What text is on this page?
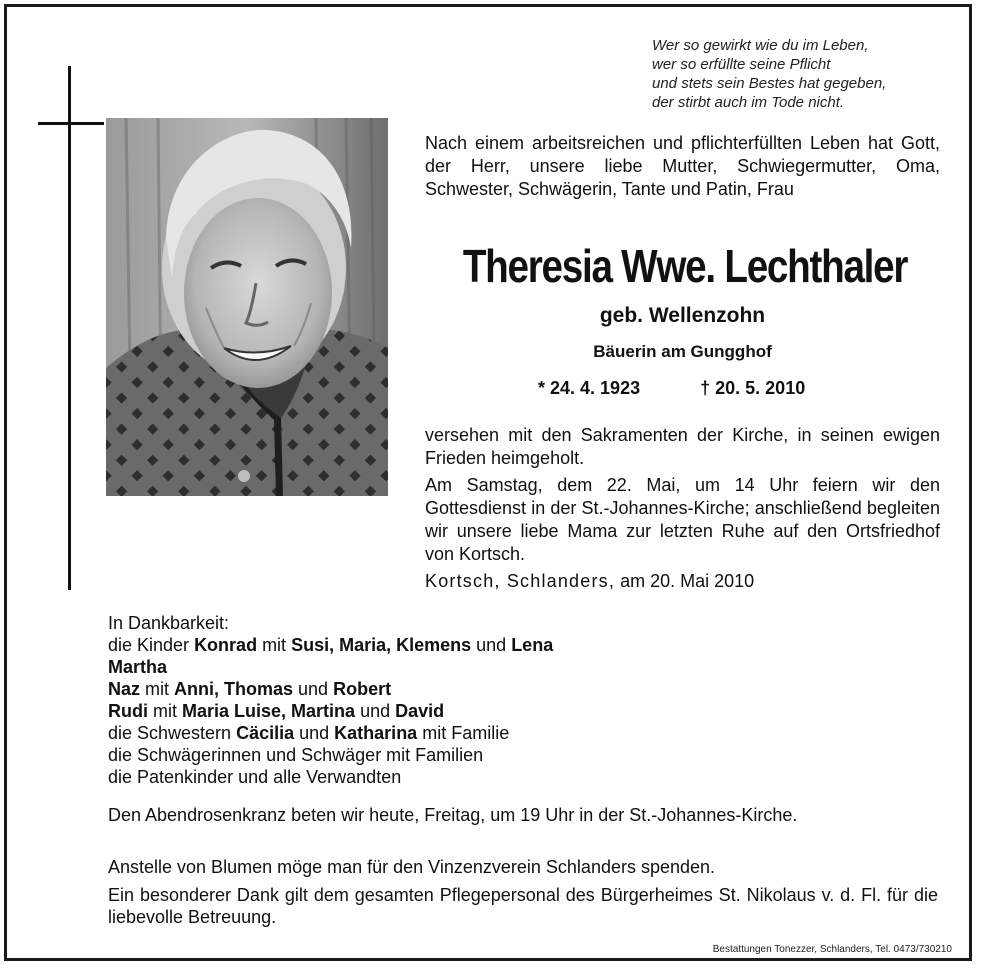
Wer so gewirkt wie du im Leben,
wer so erfüllte seine Pflicht
und stets sein Bestes hat gegeben,
der stirbt auch im Tode nicht.
Nach einem arbeitsreichen und pflichterfüllten Leben hat Gott, der Herr, unsere liebe Mutter, Schwiegermutter, Oma, Schwester, Schwägerin, Tante und Patin, Frau
Theresia Wwe. Lechthaler
geb. Wellenzohn
Bäuerin am Gungghof
* 24. 4. 1923	† 20. 5. 2010
versehen mit den Sakramenten der Kirche, in seinen ewigen Frieden heimgeholt.
Am Samstag, dem 22. Mai, um 14 Uhr feiern wir den Gottesdienst in der St.-Johannes-Kirche; anschließend begleiten wir unsere liebe Mama zur letzten Ruhe auf den Ortsfriedhof von Kortsch.
Kortsch, Schlanders, am 20. Mai 2010
In Dankbarkeit:
die Kinder Konrad mit Susi, Maria, Klemens und Lena
Martha
Naz mit Anni, Thomas und Robert
Rudi mit Maria Luise, Martina und David
die Schwestern Cäcilia und Katharina mit Familie
die Schwägerinnen und Schwäger mit Familien
die Patenkinder und alle Verwandten
Den Abendrosenkranz beten wir heute, Freitag, um 19 Uhr in der St.-Johannes-Kirche.
Anstelle von Blumen möge man für den Vinzenzverein Schlanders spenden.
Ein besonderer Dank gilt dem gesamten Pflegepersonal des Bürgerheimes St. Nikolaus v. d. Fl. für die liebevolle Betreuung.
Bestattungen Tonezzer, Schlanders, Tel. 0473/730210
